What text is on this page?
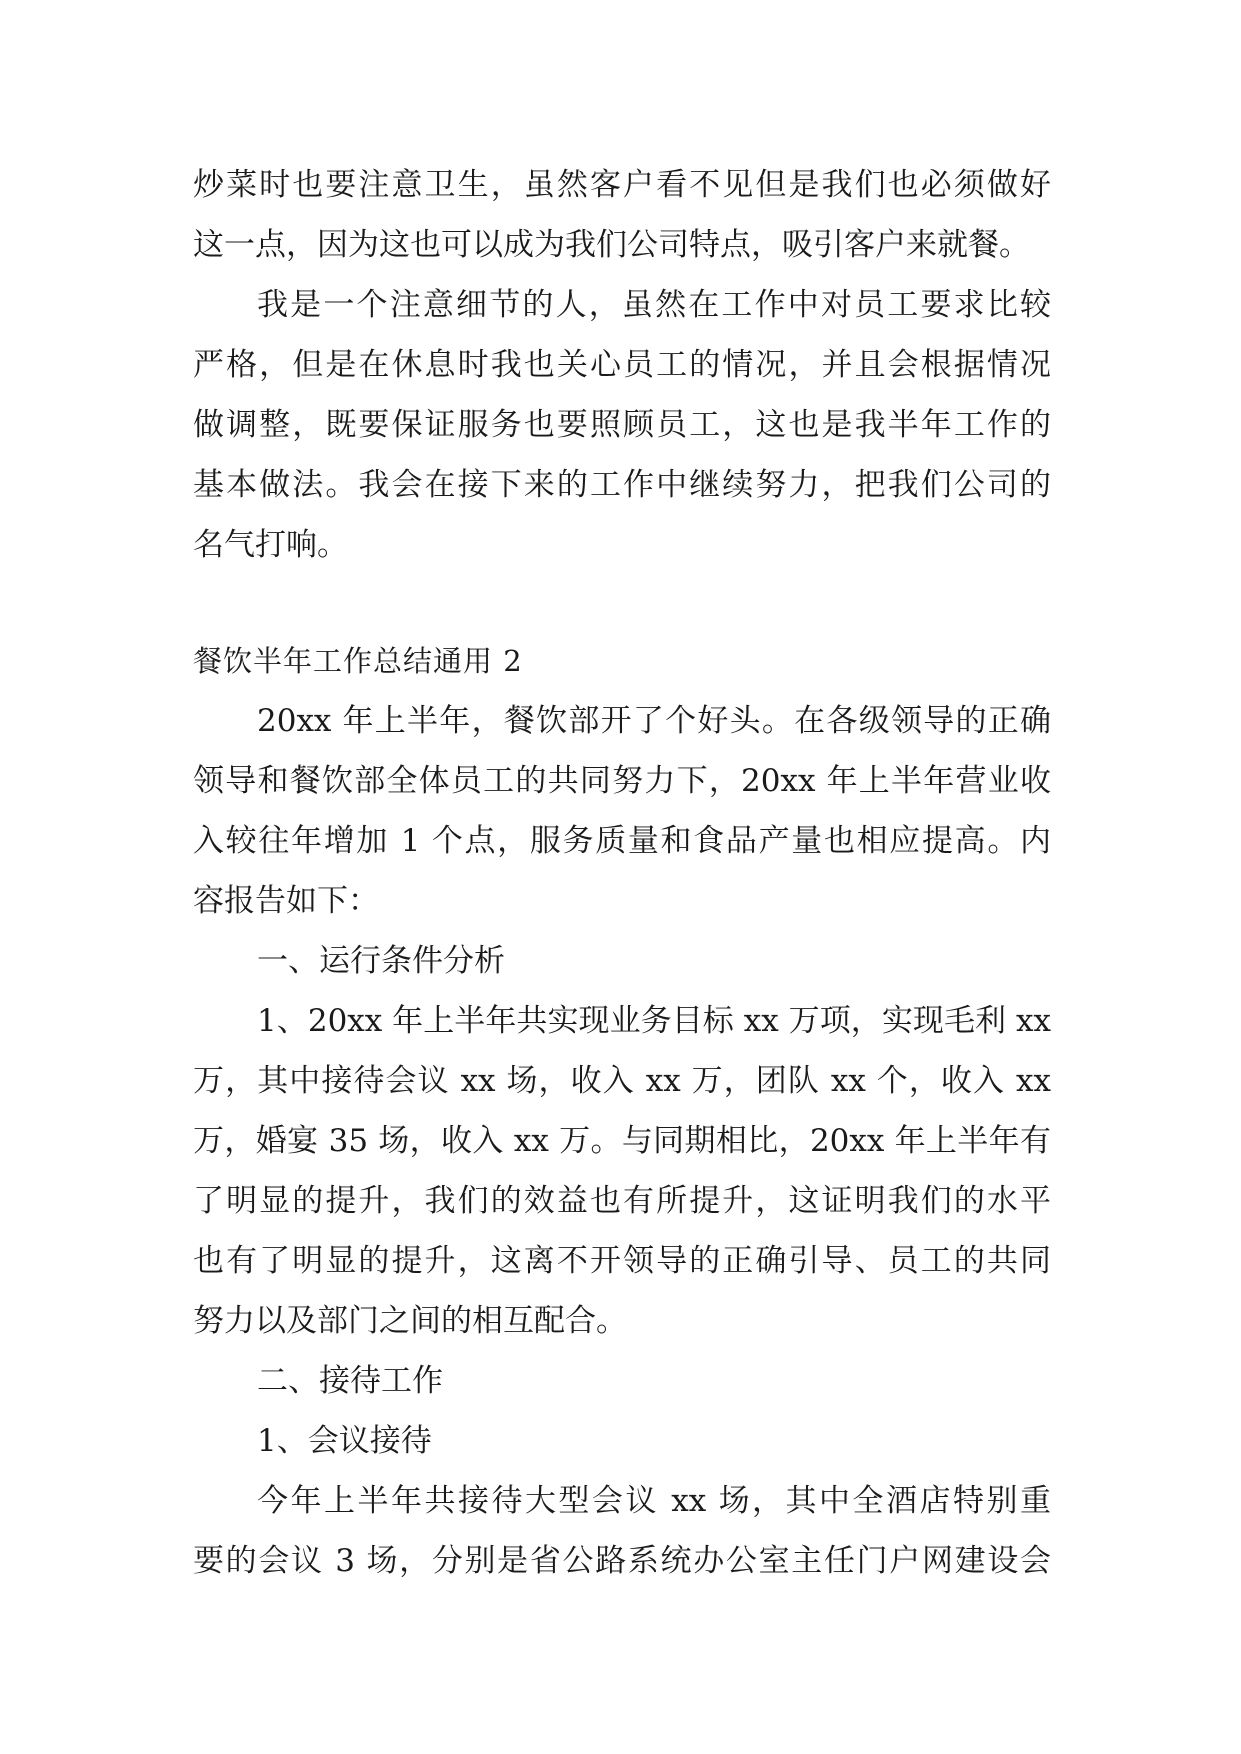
炒菜时也要注意卫生，虽然客户看不见但是我们也必须做好
这一点，因为这也可以成为我们公司特点，吸引客户来就餐。
我是一个注意细节的人，虽然在工作中对员工要求比较
严格，但是在休息时我也关心员工的情况，并且会根据情况
做调整，既要保证服务也要照顾员工，这也是我半年工作的
基本做法。我会在接下来的工作中继续努力，把我们公司的
名气打响。
餐饮半年工作总结通用 2
20xx 年上半年，餐饮部开了个好头。在各级领导的正确
领导和餐饮部全体员工的共同努力下，20xx 年上半年营业收
入较往年增加 1 个点，服务质量和食品产量也相应提高。内
容报告如下：
一、运行条件分析
1、20xx 年上半年共实现业务目标 xx 万项，实现毛利 xx
万，其中接待会议 xx 场，收入 xx 万，团队 xx 个，收入 xx
万，婚宴 35 场，收入 xx 万。与同期相比，20xx 年上半年有
了明显的提升，我们的效益也有所提升，这证明我们的水平
也有了明显的提升，这离不开领导的正确引导、员工的共同
努力以及部门之间的相互配合。
二、接待工作
1、会议接待
今年上半年共接待大型会议 xx 场，其中全酒店特别重
要的会议 3 场，分别是省公路系统办公室主任门户网建设会
